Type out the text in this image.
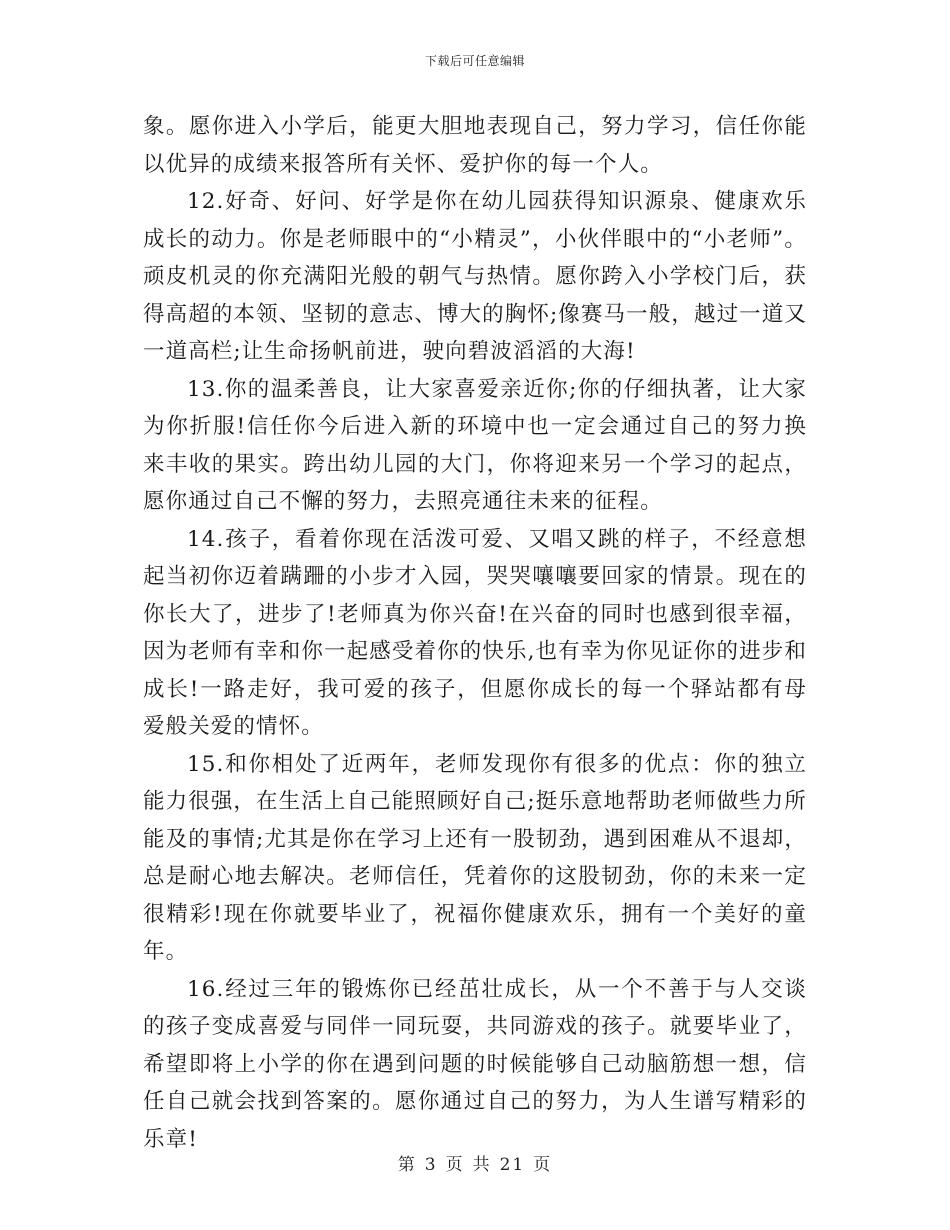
下载后可任意编辑

象。愿你进入小学后，能更大胆地表现自己，努力学习，信任你能以优异的成绩来报答所有关怀、爱护你的每一个人。

12.好奇、好问、好学是你在幼儿园获得知识源泉、健康欢乐成长的动力。你是老师眼中的“小精灵”，小伙伴眼中的“小老师”。顽皮机灵的你充满阳光般的朝气与热情。愿你跨入小学校门后，获得高超的本领、坚韧的意志、博大的胸怀;像赛马一般，越过一道又一道高栏;让生命扬帆前进，驶向碧波滔滔的大海!

13.你的温柔善良，让大家喜爱亲近你;你的仔细执著，让大家为你折服!信任你今后进入新的环境中也一定会通过自己的努力换来丰收的果实。跨出幼儿园的大门，你将迎来另一个学习的起点，愿你通过自己不懈的努力，去照亮通往未来的征程。

14.孩子，看着你现在活泼可爱、又唱又跳的样子，不经意想起当初你迈着蹒跚的小步才入园，哭哭嚷嚷要回家的情景。现在的你长大了，进步了!老师真为你兴奋!在兴奋的同时也感到很幸福，因为老师有幸和你一起感受着你的快乐,也有幸为你见证你的进步和成长!一路走好，我可爱的孩子，但愿你成长的每一个驿站都有母爱般关爱的情怀。

15.和你相处了近两年，老师发现你有很多的优点：你的独立能力很强，在生活上自己能照顾好自己;挺乐意地帮助老师做些力所能及的事情;尤其是你在学习上还有一股韧劲，遇到困难从不退却，总是耐心地去解决。老师信任，凭着你的这股韧劲，你的未来一定很精彩!现在你就要毕业了，祝福你健康欢乐，拥有一个美好的童年。

16.经过三年的锻炼你已经茁壮成长，从一个不善于与人交谈的孩子变成喜爱与同伴一同玩耍，共同游戏的孩子。就要毕业了，希望即将上小学的你在遇到问题的时候能够自己动脑筋想一想，信任自己就会找到答案的。愿你通过自己的努力，为人生谱写精彩的乐章!

第 3 页 共 21 页
